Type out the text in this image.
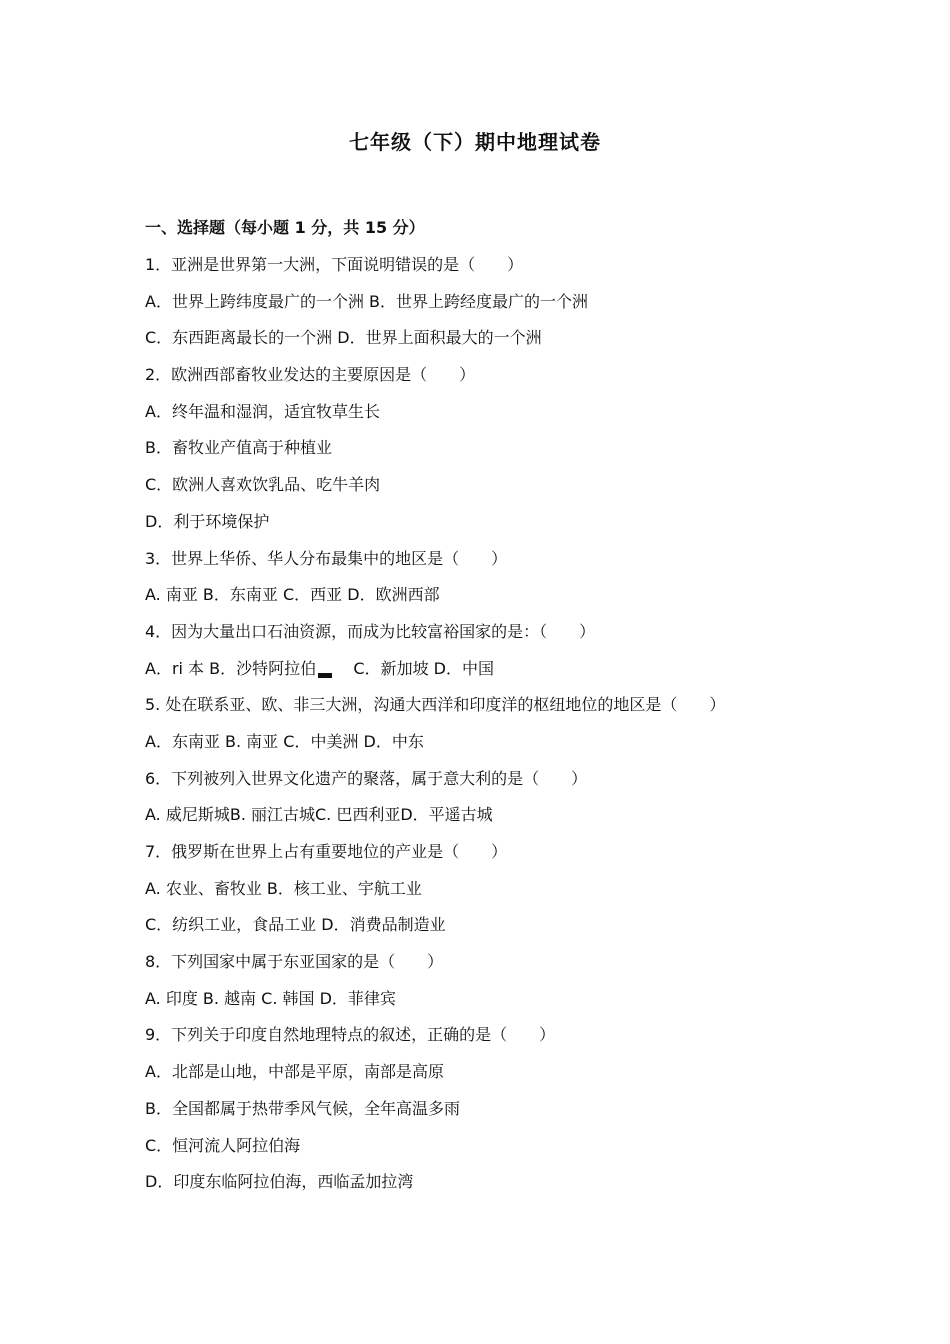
七年级（下）期中地理试卷
一、选择题（每小题 1 分，共 15 分）
1．亚洲是世界第一大洲，下面说明错误的是（　　）
A．世界上跨纬度最广的一个洲 B．世界上跨经度最广的一个洲
C．东西距离最长的一个洲 D．世界上面积最大的一个洲
2．欧洲西部畜牧业发达的主要原因是（　　）
A．终年温和湿润，适宜牧草生长
B．畜牧业产值高于种植业
C．欧洲人喜欢饮乳品、吃牛羊肉
D．利于环境保护
3．世界上华侨、华人分布最集中的地区是（　　）
A. 南亚 B．东南亚 C．西亚 D．欧洲西部
4．因为大量出口石油资源，而成为比较富裕国家的是：（　　）
A．ri 本 B．沙特阿拉伯 C．新加坡 D．中国
5. 处在联系亚、欧、非三大洲，沟通大西洋和印度洋的枢纽地位的地区是（　　）
A．东南亚 B. 南亚 C．中美洲 D．中东
6．下列被列入世界文化遗产的聚落，属于意大利的是（　　）
A. 威尼斯城B. 丽江古城C. 巴西利亚D．平遥古城
7．俄罗斯在世界上占有重要地位的产业是（　　）
A. 农业、畜牧业 B．核工业、宇航工业
C．纺织工业，食品工业 D．消费品制造业
8．下列国家中属于东亚国家的是（　　）
A. 印度 B. 越南 C. 韩国 D．菲律宾
9．下列关于印度自然地理特点的叙述，正确的是（　　）
A．北部是山地，中部是平原，南部是高原
B．全国都属于热带季风气候，全年高温多雨
C．恒河流人阿拉伯海
D．印度东临阿拉伯海，西临孟加拉湾
